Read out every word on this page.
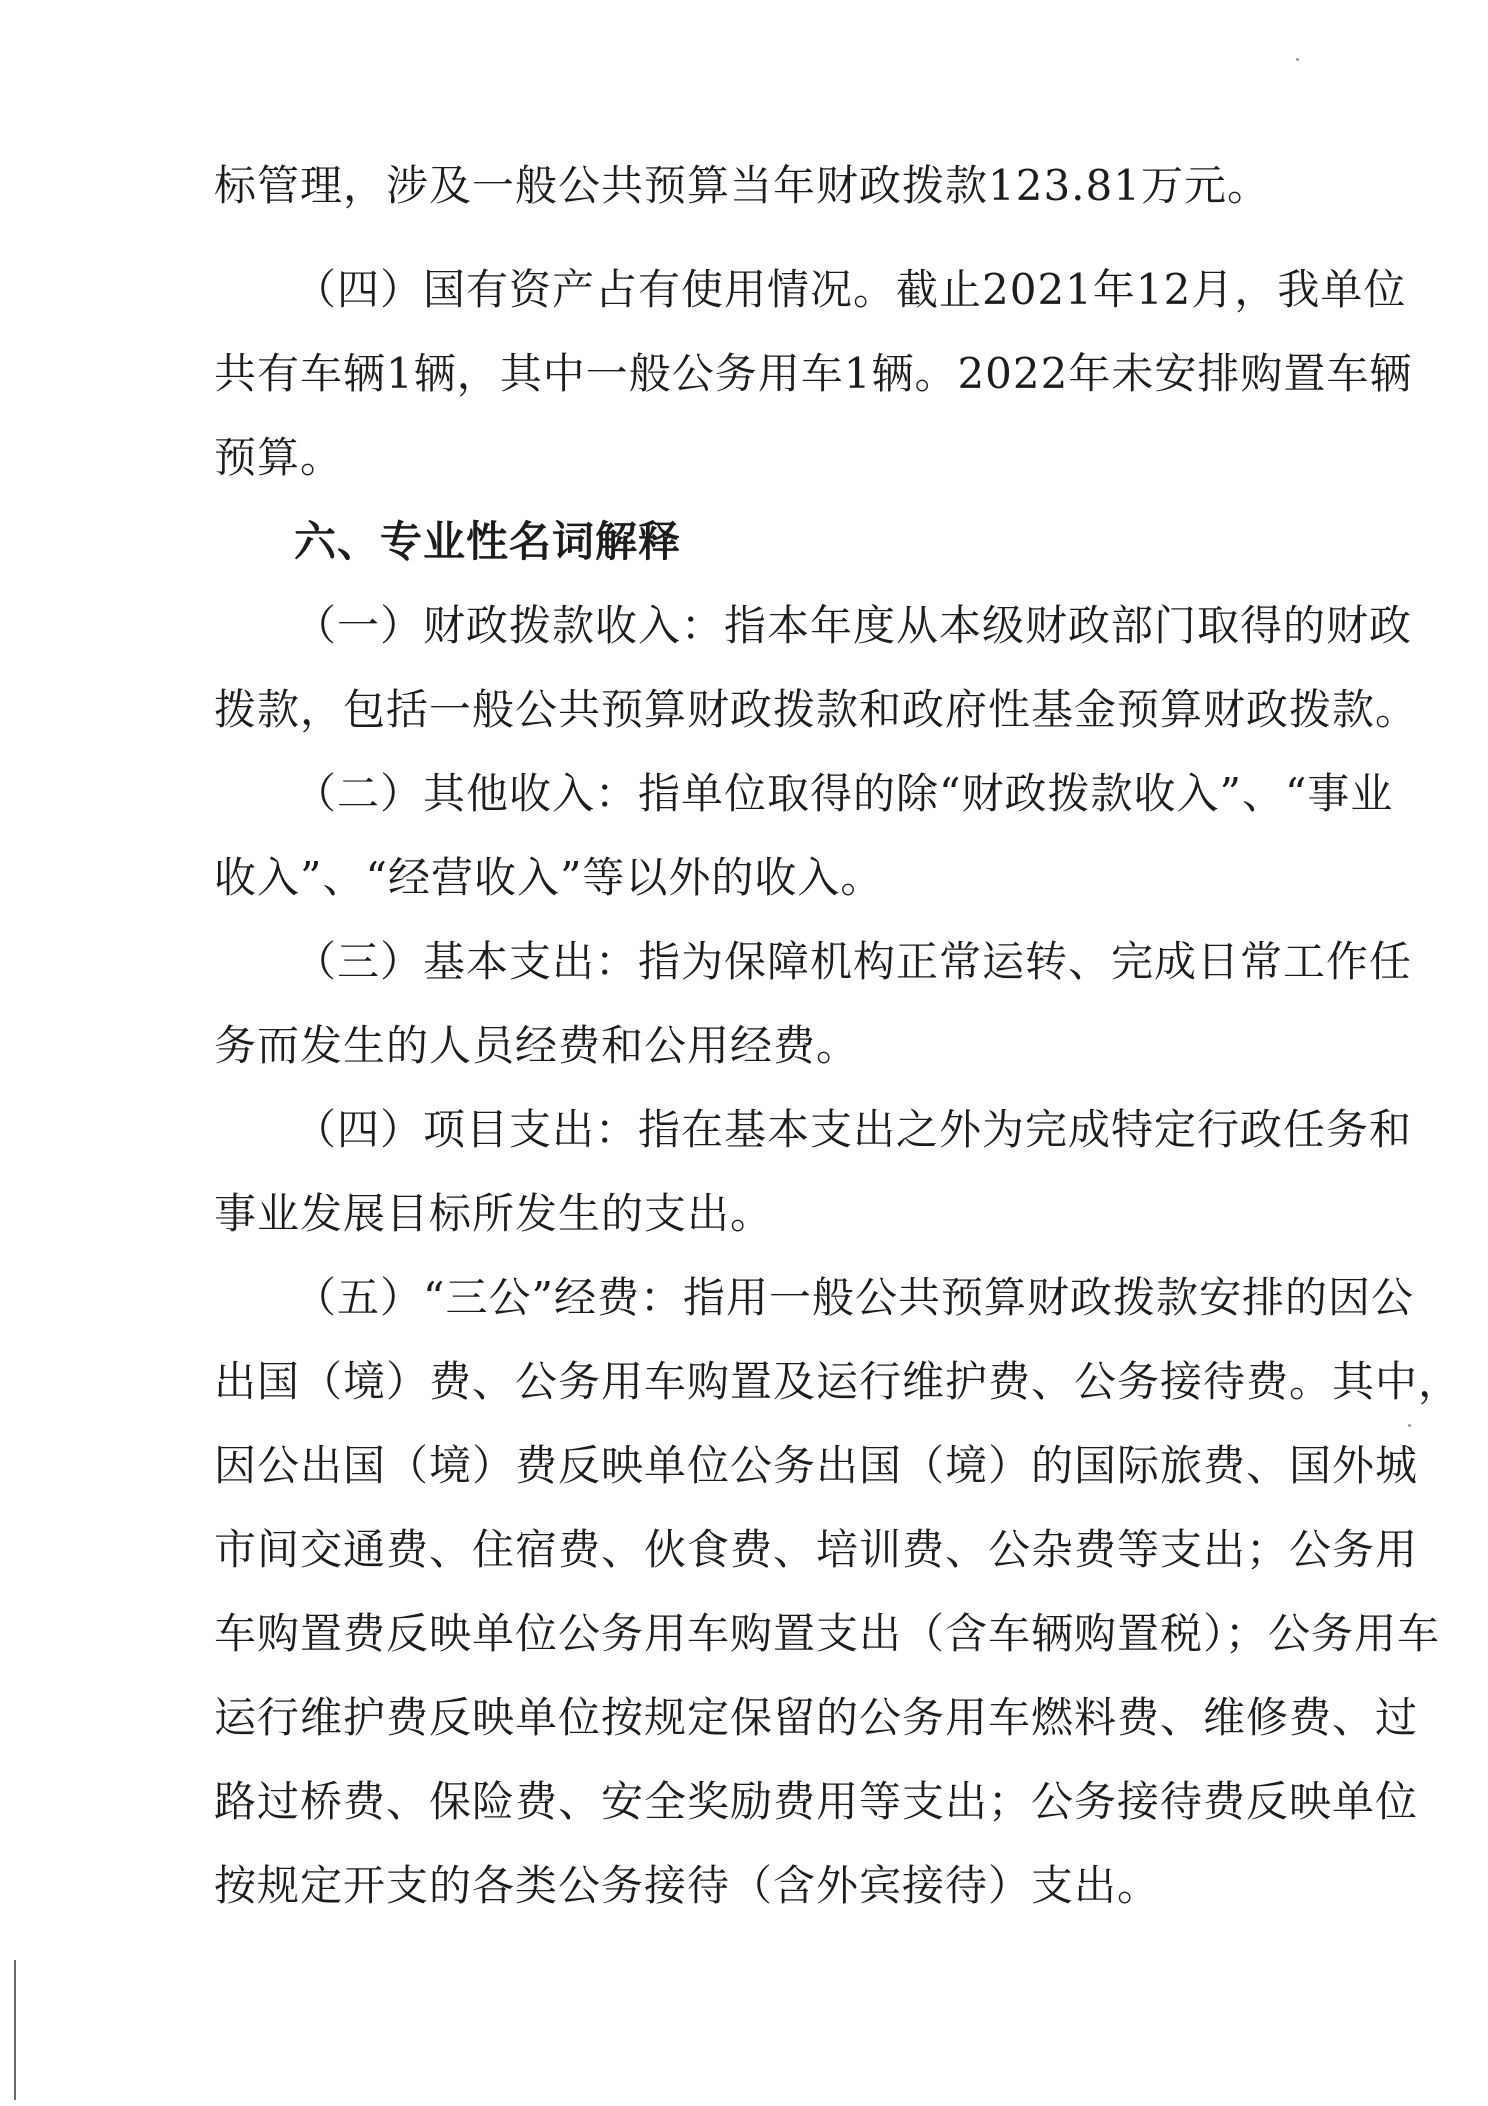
标管理，涉及一般公共预算当年财政拨款123.81万元。
（四）国有资产占有使用情况。截止2021年12月，我单位
共有车辆1辆，其中一般公务用车1辆。2022年未安排购置车辆
预算。
六、专业性名词解释
（一）财政拨款收入：指本年度从本级财政部门取得的财政
拨款，包括一般公共预算财政拨款和政府性基金预算财政拨款。
（二）其他收入：指单位取得的除“财政拨款收入”、“事业
收入”、“经营收入”等以外的收入。
（三）基本支出：指为保障机构正常运转、完成日常工作任
务而发生的人员经费和公用经费。
（四）项目支出：指在基本支出之外为完成特定行政任务和
事业发展目标所发生的支出。
（五）“三公”经费：指用一般公共预算财政拨款安排的因公
出国（境）费、公务用车购置及运行维护费、公务接待费。其中，
因公出国（境）费反映单位公务出国（境）的国际旅费、国外城
市间交通费、住宿费、伙食费、培训费、公杂费等支出；公务用
车购置费反映单位公务用车购置支出（含车辆购置税）；公务用车
运行维护费反映单位按规定保留的公务用车燃料费、维修费、过
路过桥费、保险费、安全奖励费用等支出；公务接待费反映单位
按规定开支的各类公务接待（含外宾接待）支出。
